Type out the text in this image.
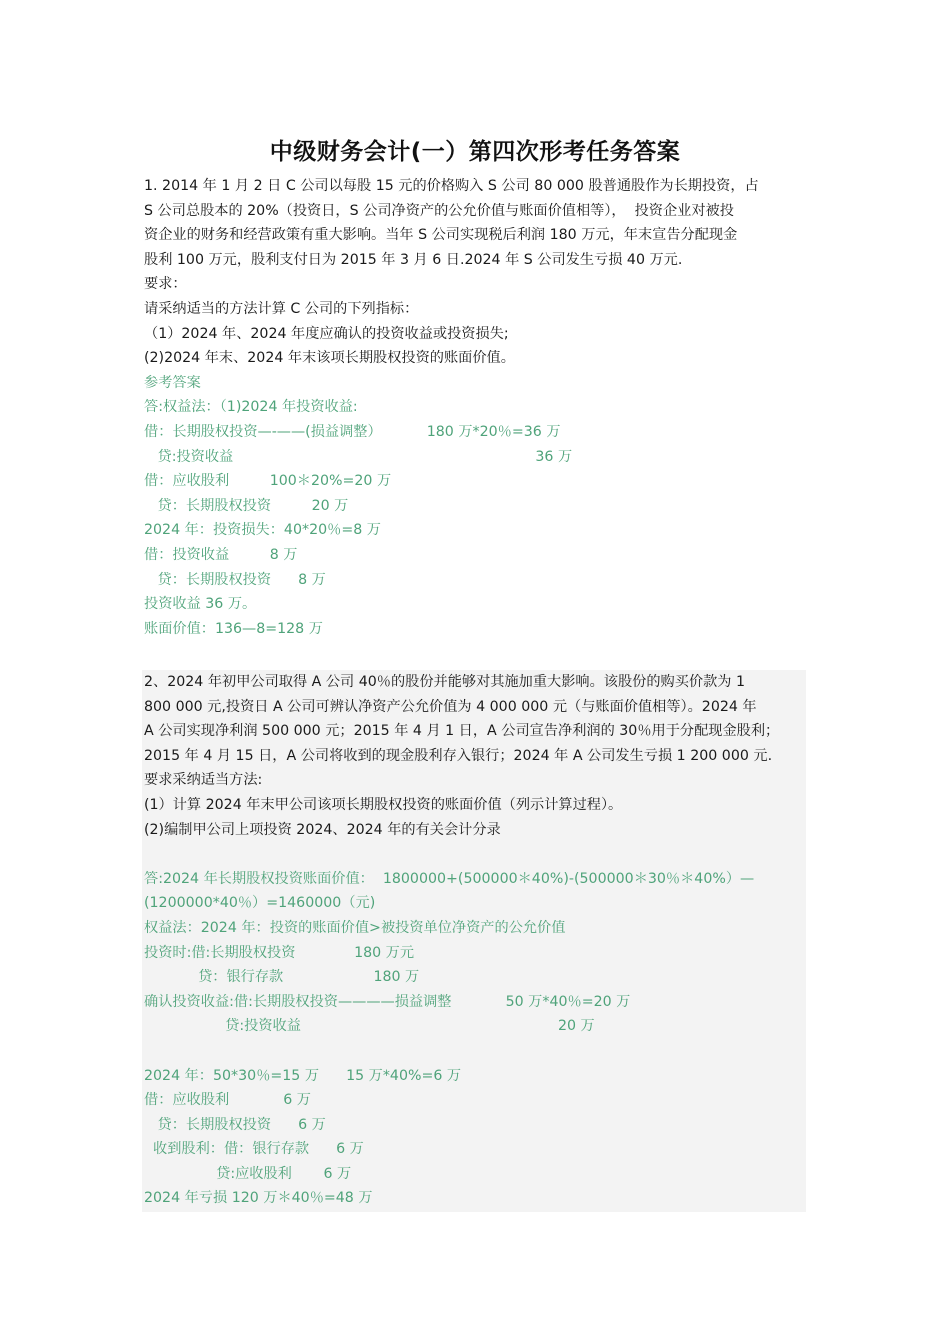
中级财务会计(一）第四次形考任务答案
1. 2014 年 1 月 2 日 C 公司以每股 15 元的价格购入 S 公司 80 000 股普通股作为长期投资，占
S 公司总股本的 20%（投资日，S 公司净资产的公允价值与账面价值相等），  投资企业对被投
资企业的财务和经营政策有重大影响。当年 S 公司实现税后利润 180 万元，年末宣告分配现金
股利 100 万元，股利支付日为 2015 年 3 月 6 日.2024 年 S 公司发生亏损 40 万元.
要求：
请采纳适当的方法计算 C 公司的下列指标：
（1）2024 年、2024 年度应确认的投资收益或投资损失;
(2)2024 年末、2024 年末该项长期股权投资的账面价值。
参考答案
答:权益法：（1)2024 年投资收益:
借：长期股权投资—-——(损益调整）          180 万*20％=36 万
贷:投资收益                                                                   36 万
借：应收股利         100＊20%=20 万
贷：长期股权投资         20 万
2024 年：投资损失：40*20％=8 万
借：投资收益         8 万
贷：长期股权投资      8 万
投资收益 36 万。
账面价值：136—8=128 万
2、2024 年初甲公司取得 A 公司 40％的股份并能够对其施加重大影响。该股份的购买价款为 1
800 000 元,投资日 A 公司可辨认净资产公允价值为 4 000 000 元（与账面价值相等）。2024 年
A 公司实现净利润 500 000 元；2015 年 4 月 1 日，A 公司宣告净利润的 30％用于分配现金股利；
2015 年 4 月 15 日，A 公司将收到的现金股利存入银行；2024 年 A 公司发生亏损 1 200 000 元.
要求采纳适当方法:
(1）计算 2024 年末甲公司该项长期股权投资的账面价值（列示计算过程）。
(2)编制甲公司上项投资 2024、2024 年的有关会计分录
答:2024 年长期股权投资账面价值：  1800000+(500000＊40%)-(500000＊30％＊40%）—
(1200000*40％）=1460000（元)
权益法：2024 年：投资的账面价值>被投资单位净资产的公允价值
投资时:借:长期股权投资             180 万元
贷：银行存款                    180 万
确认投资收益:借:长期股权投资————损益调整            50 万*40％=20 万
贷:投资收益                                                         20 万
2024 年：50*30％=15 万      15 万*40%=6 万
借：应收股利            6 万
贷：长期股权投资      6 万
收到股利：借：银行存款      6 万
贷:应收股利       6 万
2024 年亏损 120 万＊40％=48 万
